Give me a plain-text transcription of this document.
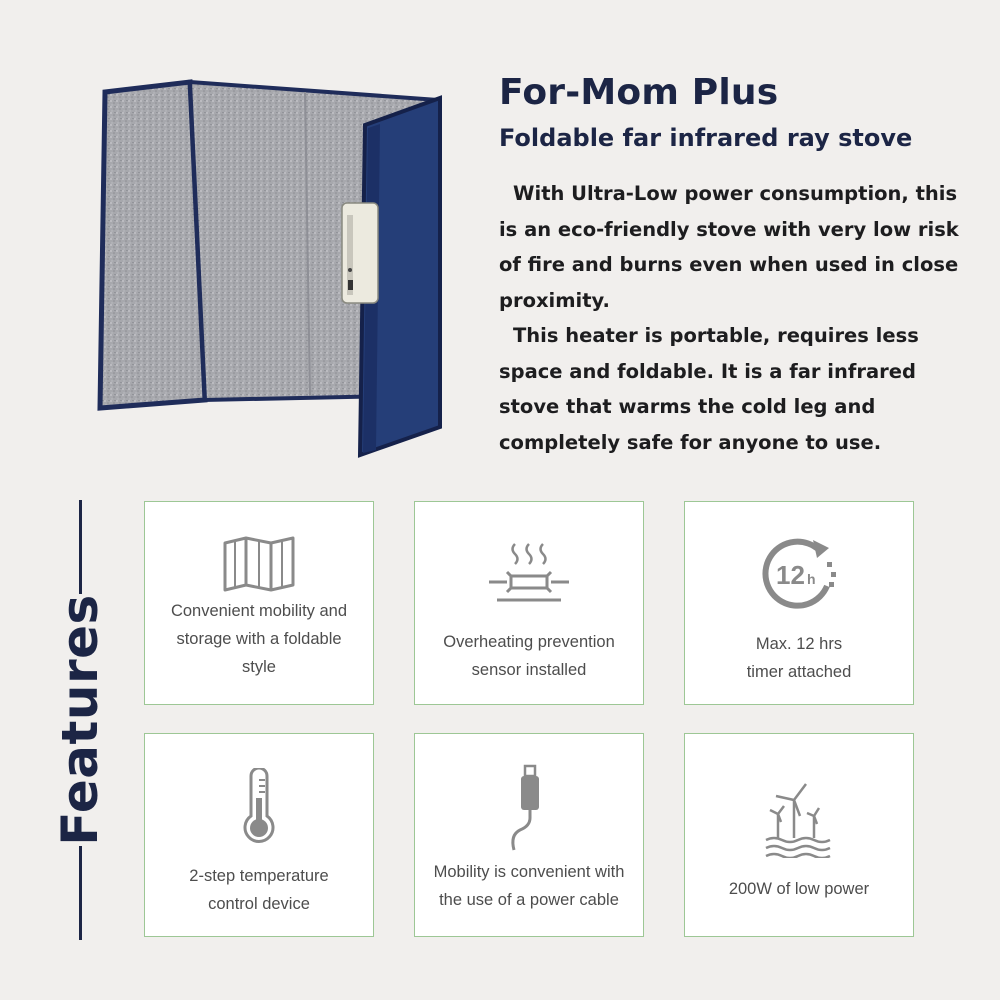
For-Mom Plus
Foldable far infrared ray stove

With Ultra-Low power consumption, this is an eco-friendly stove with very low risk of fire and burns even when used in close proximity.

This heater is portable, requires less space and foldable. It is a far infrared stove that warms the cold leg and completely safe for anyone to use.

Features	Convenient mobility and
storage with a foldable
style
Overheating prevention
sensor installed
12 h
Max. 12 hrs
timer attached
2-step temperature
control device
Mobility is convenient with
the use of a power cable
200W of low power
